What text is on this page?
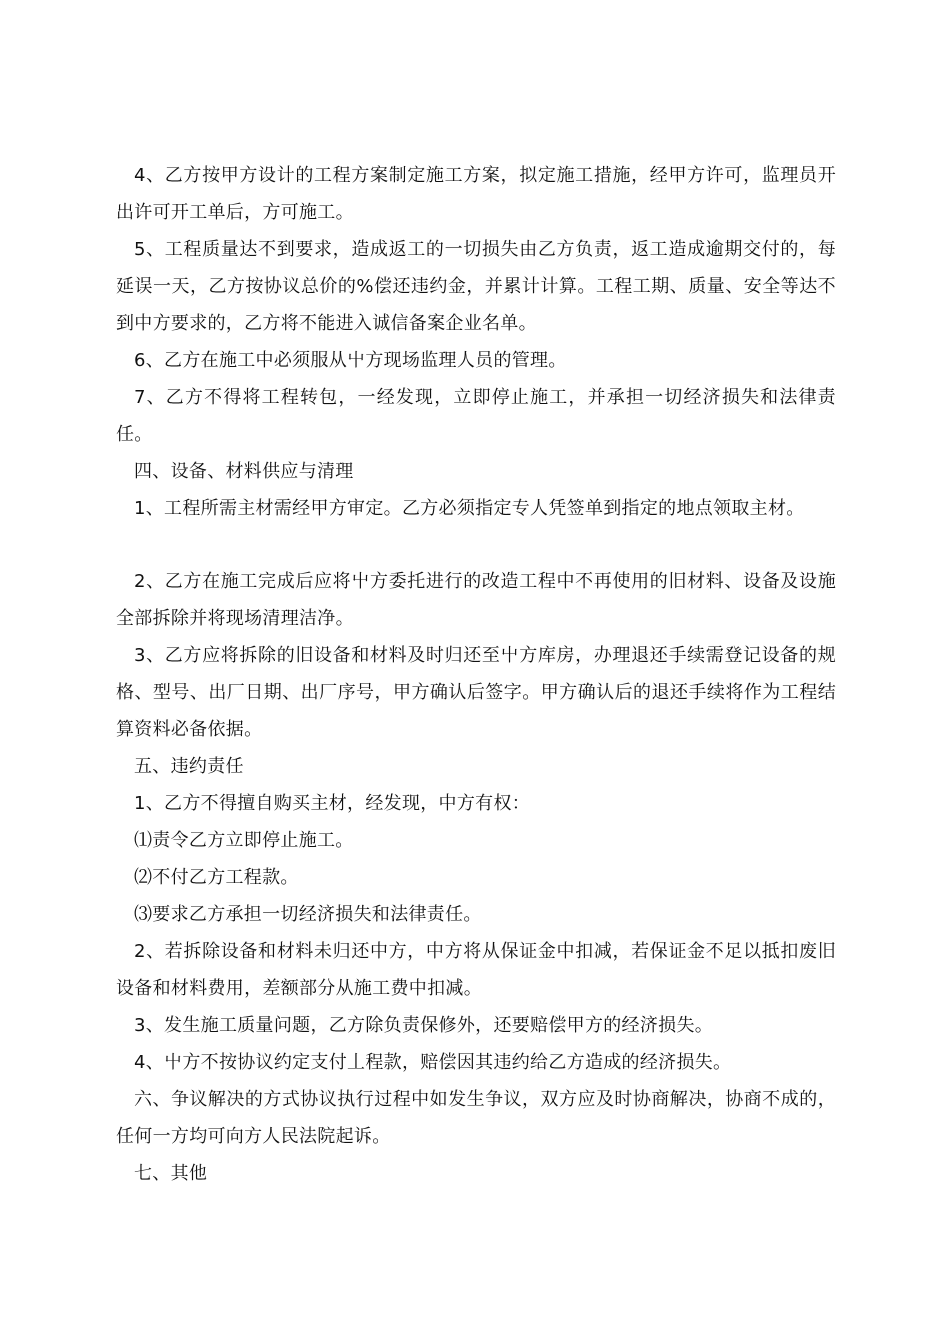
4、乙方按甲方设计的工程方案制定施工方案，拟定施工措施，经甲方许可，监理员开出许可开工单后，方可施工。

5、工程质量达不到要求，造成返工的一切损失由乙方负责，返工造成逾期交付的，每延误一天，乙方按协议总价的%偿还违约金，并累计计算。工程工期、质量、安全等达不到中方要求的，乙方将不能进入诚信备案企业名单。

6、乙方在施工中必须服从屮方现场监理人员的管理。

7、乙方不得将工程转包，一经发现，立即停止施工，并承担一切经济损失和法律责任。

四、设备、材料供应与清理

1、工程所需主材需经甲方审定。乙方必须指定专人凭签单到指定的地点领取主材。

2、乙方在施工完成后应将屮方委托进行的改造工程中不再使用的旧材料、设备及设施全部拆除并将现场清理洁净。

3、乙方应将拆除的旧设备和材料及时归还至屮方库房，办理退还手续需登记设备的规格、型号、出厂日期、出厂序号，甲方确认后签字。甲方确认后的退还手续将作为工程结算资料必备依据。

五、违约责任

1、乙方不得擅自购买主材，经发现，中方有权：

⑴责令乙方立即停止施工。

⑵不付乙方工程款。

⑶要求乙方承担一切经济损失和法律责任。

2、若拆除设备和材料未归还中方，中方将从保证金中扣减，若保证金不足以抵扣废旧设备和材料费用，差额部分从施工费中扣减。

3、发生施工质量问题，乙方除负责保修外，还要赔偿甲方的经济损失。

4、屮方不按协议约定支付丄程款，赔偿因其违约给乙方造成的经济损失。

六、争议解决的方式协议执行过程中如发生争议，双方应及时协商解决，协商不成的，任何一方均可向方人民法院起诉。

七、其他
